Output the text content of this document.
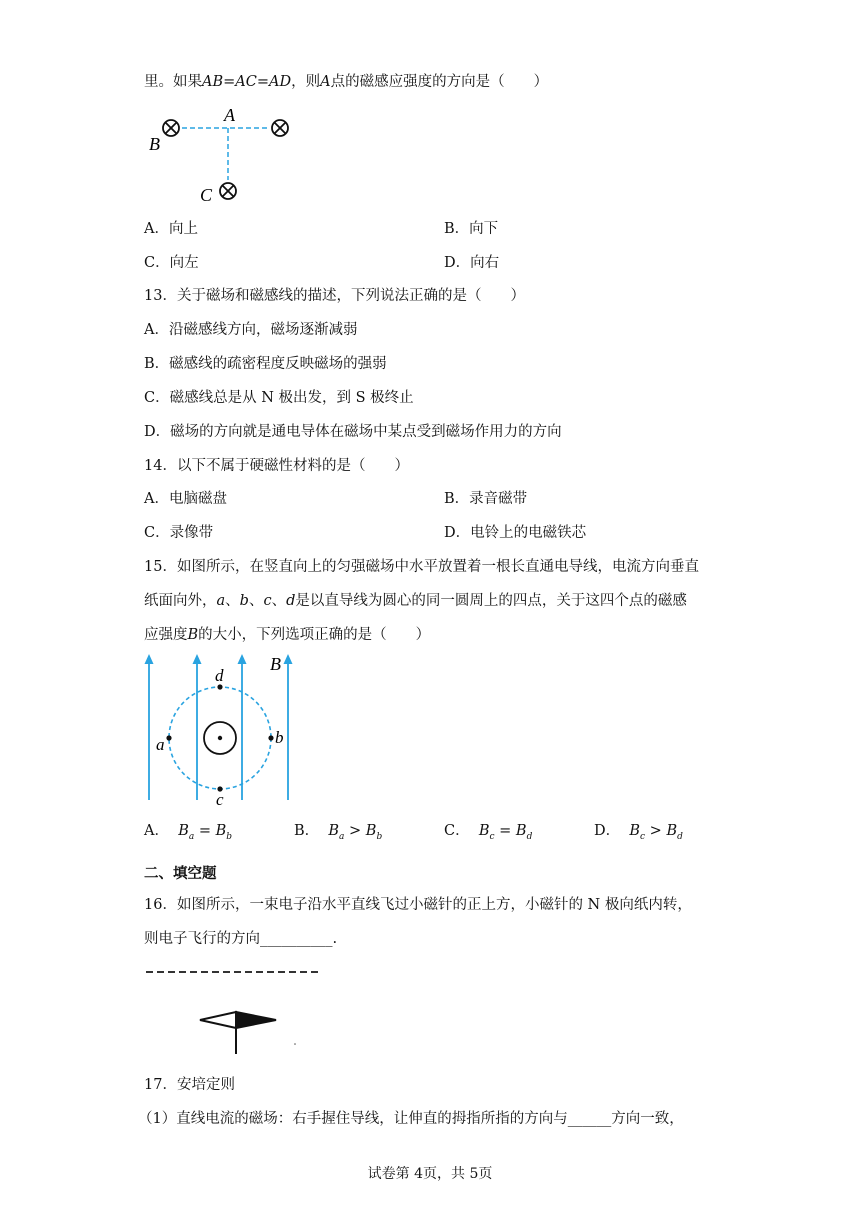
里。如果AB=AC=AD，则A点的磁感应强度的方向是（　　）
A
B
C
A．向上	B．向下
C．向左	D．向右
13．关于磁场和磁感线的描述，下列说法正确的是（　　）
A．沿磁感线方向，磁场逐渐减弱
B．磁感线的疏密程度反映磁场的强弱
C．磁感线总是从 N 极出发，到 S 极终止
D．磁场的方向就是通电导体在磁场中某点受到磁场作用力的方向
14．以下不属于硬磁性材料的是（　　）
A．电脑磁盘	B．录音磁带
C．录像带	D．电铃上的电磁铁芯
15．如图所示，在竖直向上的匀强磁场中水平放置着一根长直通电导线，电流方向垂直
纸面向外，a、b、c、d是以直导线为圆心的同一圆周上的四点，关于这四个点的磁感
应强度B的大小，下列选项正确的是（　　）
d
a	b
c
B
A． $B_a = B_b$	B． $B_a > B_b$	C． $B_c = B_d$	D． $B_c > B_d$
二、填空题
16．如图所示，一束电子沿水平直线飞过小磁针的正上方，小磁针的 N 极向纸内转，
则电子飞行的方向__________.
17．安培定则
（1）直线电流的磁场：右手握住导线，让伸直的拇指所指的方向与______方向一致，
试卷第 4页，共 5页
